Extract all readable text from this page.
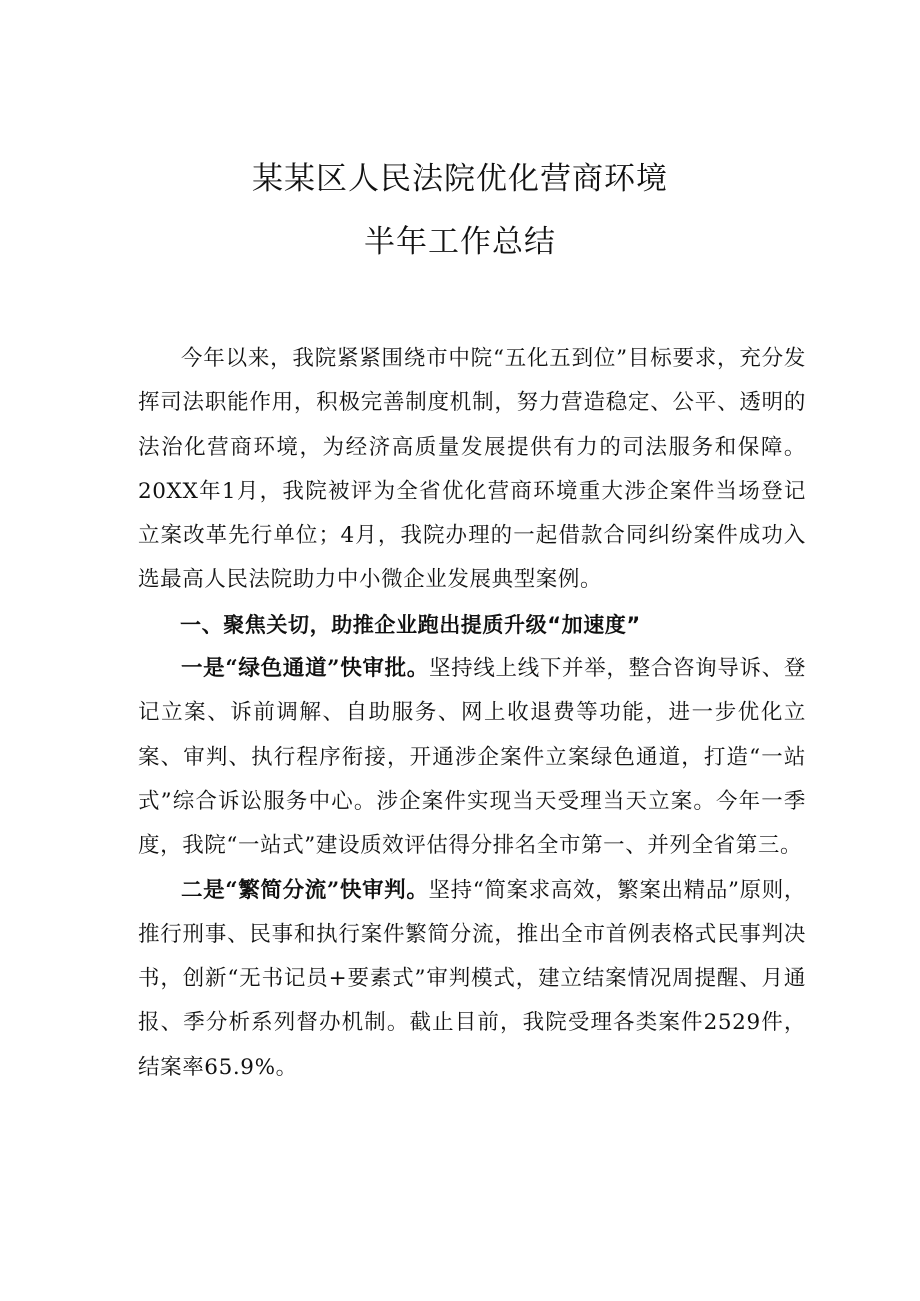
某某区人民法院优化营商环境
半年工作总结

今年以来，我院紧紧围绕市中院“五化五到位”目标要求，充分发挥司法职能作用，积极完善制度机制，努力营造稳定、公平、透明的法治化营商环境，为经济高质量发展提供有力的司法服务和保障。20XX年1月，我院被评为全省优化营商环境重大涉企案件当场登记立案改革先行单位；4月，我院办理的一起借款合同纠纷案件成功入选最高人民法院助力中小微企业发展典型案例。

一、聚焦关切，助推企业跑出提质升级“加速度”

一是“绿色通道”快审批。坚持线上线下并举，整合咨询导诉、登记立案、诉前调解、自助服务、网上收退费等功能，进一步优化立案、审判、执行程序衔接，开通涉企案件立案绿色通道，打造“一站式”综合诉讼服务中心。涉企案件实现当天受理当天立案。今年一季度，我院“一站式”建设质效评估得分排名全市第一、并列全省第三。

二是“繁简分流”快审判。坚持“简案求高效，繁案出精品”原则，推行刑事、民事和执行案件繁简分流，推出全市首例表格式民事判决书，创新“无书记员+要素式”审判模式，建立结案情况周提醒、月通报、季分析系列督办机制。截止目前，我院受理各类案件2529件，结案率65.9%。
